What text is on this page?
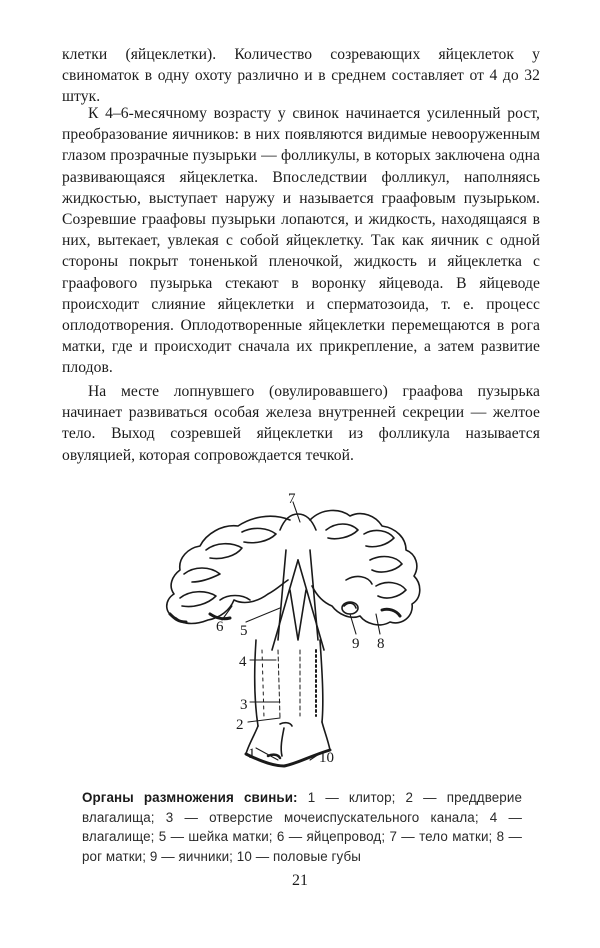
клетки (яйцеклетки). Количество созревающих яйцеклеток у свиноматок в одну охоту различно и в среднем составляет от 4 до 32 штук.

К 4–6-месячному возрасту у свинок начинается усиленный рост, преобразование яичников: в них появляются видимые невооруженным глазом прозрачные пузырьки — фолликулы, в которых заключена одна развивающаяся яйцеклетка. Впоследствии фолликул, наполняясь жидкостью, выступает наружу и называется граафовым пузырьком. Созревшие граафовы пузырьки лопаются, и жидкость, находящаяся в них, вытекает, увлекая с собой яйцеклетку. Так как яичник с одной стороны покрыт тоненькой пленочкой, жидкость и яйцеклетка с граафового пузырька стекают в воронку яйцевода. В яйцеводе происходит слияние яйцеклетки и сперматозоида, т. е. процесс оплодотворения. Оплодотворенные яйцеклетки перемещаются в рога матки, где и происходит сначала их прикрепление, а затем развитие плодов.

На месте лопнувшего (овулировавшего) граафова пузырька начинает развиваться особая железа внутренней секреции — желтое тело. Выход созревшей яйцеклетки из фолликула называется овуляцией, которая сопровождается течкой.

7
6 5
9 8
4
3
2
1	10
Органы размножения свиньи: 1 — клитор; 2 — преддверие влагалища; 3 — отверстие мочеиспускательного канала; 4 — влагалище; 5 — шейка матки; 6 — яйцепровод; 7 — тело матки; 8 — рог матки; 9 — яичники; 10 — половые губы
21
